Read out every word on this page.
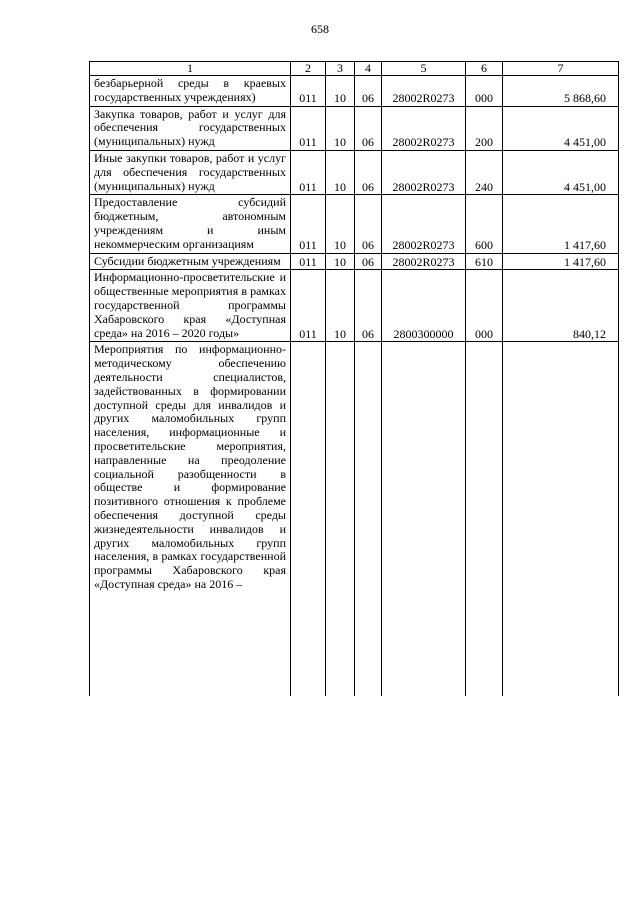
658
1	2	3	4	5	6	7
безбарьерной среды в краевых государственных учреждениях)	011	10	06	28002R0273	000	5 868,60
Закупка товаров, работ и услуг для обеспечения государственных (муниципальных) нужд	011	10	06	28002R0273	200	4 451,00
Иные закупки товаров, работ и услуг для обеспечения государственных (муниципальных) нужд	011	10	06	28002R0273	240	4 451,00
Предоставление субсидий бюджетным, автономным учреждениям и иным некоммерческим организациям	011	10	06	28002R0273	600	1 417,60
Субсидии бюджетным учреждениям	011	10	06	28002R0273	610	1 417,60
Информационно-просветительские и общественные мероприятия в рамках государственной программы Хабаровского края «Доступная среда» на 2016 – 2020 годы»	011	10	06	2800300000	000	840,12
Мероприятия по информационно-методическому обеспечению деятельности специалистов, задействованных в формировании доступной среды для инвалидов и других маломобильных групп населения, информационные и просветительские мероприятия, направленные на преодоление социальной разобщенности в обществе и формирование позитивного отношения к проблеме обеспечения доступной среды жизнедеятельности инвалидов и других маломобильных групп населения, в рамках государственной программы Хабаровского края «Доступная среда» на 2016 –						
